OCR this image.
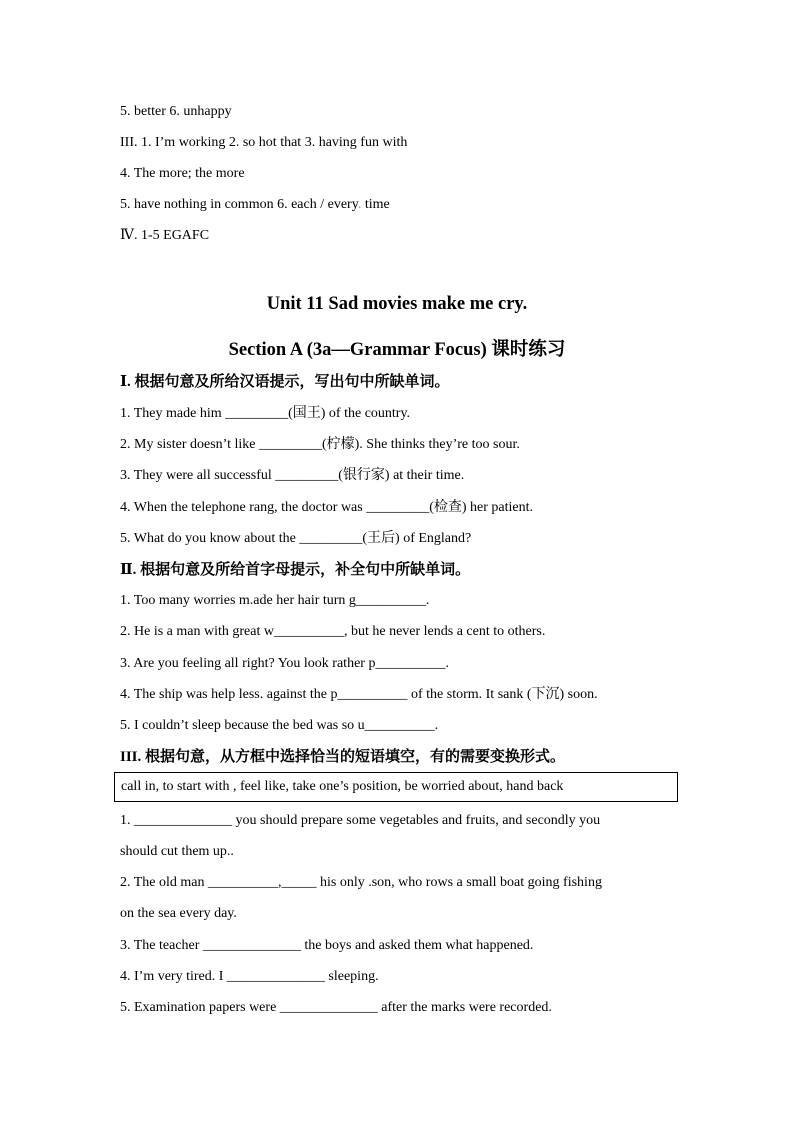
5. better 6. unhappy
III. 1. I’m working 2. so hot that 3. having fun with
4. The more; the more
5. have nothing in common 6. each / every. time
Ⅳ. 1-5 EGAFC
Unit 11 Sad movies make me cry.
Section A (3a—Grammar Focus) 课时练习
Ⅰ. 根据句意及所给汉语提示，写出句中所缺单词。
1. They made him _________(国王) of the country.
2. My sister doesn’t like _________(柠檬). She thinks they’re too sour.
3. They were all successful _________(银行家) at their time.
4. When the telephone rang, the doctor was _________(检查) her patient.
5. What do you know about the _________(王后) of England?
Ⅱ. 根据句意及所给首字母提示，补全句中所缺单词。
1. Too many worries m.ade her hair turn g__________.
2. He is a man with great w__________, but he never lends a cent to others.
3. Are you feeling all right? You look rather p__________.
4. The ship was help less. against the p__________ of the storm. It sank (下沉) soon.
5. I couldn’t sleep because the bed was so u__________.
III. 根据句意，从方框中选择恰当的短语填空，有的需要变换形式。
call in, to start with , feel like, take one’s position, be worried about, hand back
1. ______________ you should prepare some vegetables and fruits, and secondly you
should cut them up..
2. The old man __________,_____ his only .son, who rows a small boat going fishing
on the sea every day.
3. The teacher ______________ the boys and asked them what happened.
4. I’m very tired. I ______________ sleeping.
5. Examination papers were ______________ after the marks were recorded.
